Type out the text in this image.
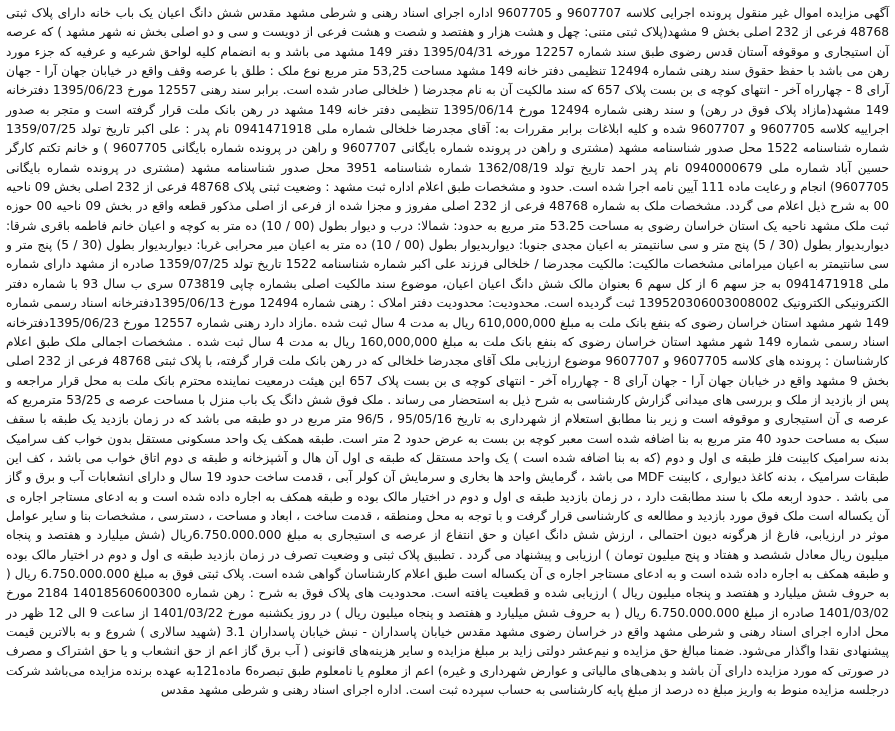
آگهی مزایده اموال غیر منقول پرونده اجرایی کلاسه 9607707 و 9607705 اداره اجرای اسناد رهنی و شرطی مشهد مقدس شش دانگ اعیان یک باب خانه دارای پلاک ثبتی 48768 فرعی از 232 اصلی بخش 9 مشهد(پلاک ثبتی متنی: چهل و هشت هزار و هفتصد و شصت و هشت فرعی از دویست و سی و دو اصلی بخش نه شهر مشهد ) که عرصه آن استیجاری و موقوفه آستان قدس رضوی طبق سند شماره 12257 مورخه 1395/04/31 دفتر 149 مشهد می باشد و به انضمام کلیه لواحق شرعیه و عرفیه که جزء مورد رهن می باشد با حفظ حقوق سند رهنی شماره 12494 تنظیمی دفتر خانه 149 مشهد مساحت 53,25 متر مربع نوع ملک : طلق با عرصه وقف واقع در خیابان جهان آرا - جهان آرای 8 - چهارراه آخر - انتهای کوچه ی بن بست پلاک 657 که سند مالکیت آن به نام مجدرضا ( خلخالی صادر شده است. برابر سند رهنی 12557 مورخ 1395/06/23 دفترخانه 149 مشهد(مازاد پلاک فوق در رهن) و سند رهنی شماره 12494 مورخ 1395/06/14 تنظیمی دفتر خانه 149 مشهد در رهن بانک ملت قرار گرفته است و متجر به صدور اجراییه کلاسه 9607705 و 9607707 شده و کلیه ابلاغات برابر مقررات به: آقای مجدرضا خلخالی شماره ملی 0941471918 نام پدر : علی اکبر تاریخ تولد 1359/07/25 شماره شناسنامه 1522 محل صدور شناسنامه مشهد (مشتری و راهن در پرونده شماره بایگانی 9607707 و راهن در پرونده شماره بایگانی 9607705 ) و خانم تکتم کارگر حسین آباد شماره ملی 0940000679 نام پدر احمد تاریخ تولد 1362/08/19 شماره شناسنامه 3951 محل صدور شناسنامه مشهد (مشتری در پرونده شماره بایگانی 9607705) انجام و رعایت ماده 111 آیین نامه اجرا شده است. حدود و مشخصات طبق اعلام اداره ثبت مشهد : وضعیت ثبتی پلاک 48768 فرعی از 232 اصلی بخش 09 ناحیه 00 به شرح ذیل اعلام می گردد. مشخصات ملک به شماره 48768 فرعی از 232 اصلی مفروز و مجزا شده از فرعی از اصلی مذکور قطعه واقع در بخش 09 ناحیه 00 حوزه ثبت ملک مشهد ناحیه یک استان خراسان رضوی به مساحت 53.25 متر مربع به حدود: شمالا: درب و دیوار بطول (00 / 10) ده متر به کوچه و اعیان خانم فاطمه باقری شرقا: دیواربدیوار بطول (30 / 5) پنج متر و سی سانتیمتر به اعیان مجدی جنوبا: دیواربدیوار بطول (00 / 10) ده متر به اعیان میر محرابی غربا: دیواربدیوار بطول (30 / 5) پنج متر و سی سانتیمتر به اعیان میرامانی مشخصات مالکیت: مالکیت مجدرضا / خلخالی فرزند علی اکبر شماره شناسنامه 1522 تاریخ تولد 1359/07/25 صادره از مشهد دارای شماره ملی 0941471918 به جز سهم 6 از کل سهم 6 بعنوان مالک شش دانگ اعیان اعیان، موضوع سند مالکیت اصلی بشماره چاپی 073819 سری ب سال 93 با شماره دفتر الکترونیکی الکترونیک 139520306003008002 ثبت گردیده است. محدودیت: محدودیت دفتر املاک : رهنی شماره 12494 مورخ 1395/06/13دفترخانه اسناد رسمی شماره 149 شهر مشهد استان خراسان رضوی که بنفع بانک ملت به مبلغ 610,000,000 ریال به مدت 4 سال ثبت شده .مازاد دارد رهنی شماره 12557 مورخ 1395/06/23دفترخانه اسناد رسمی شماره 149 شهر مشهد استان خراسان رضوی که بنفع بانک ملت به مبلغ 160,000,000 ریال به مدت 4 سال ثبت شده . مشخصات اجمالی ملک طبق اعلام کارشناسان : پرونده های کلاسه 9607705 و 9607707 موضوع ارزیابی ملک آقای مجدرضا خلخالی که در رهن بانک ملت قرار گرفته، با پلاک ثبتی 48768 فرعی از 232 اصلی بخش 9 مشهد واقع در خیابان جهان آرا - جهان آرای 8 - چهارراه آخر - انتهای کوچه ی بن بست پلاک 657 این هیئت درمعیت نماینده محترم بانک ملت به محل قرار مراجعه و پس از بازدید از ملک و بررسی های میدانی گزارش کارشناسی به شرح ذیل به استحضار می رساند . ملک فوق شش دانگ یک باب منزل با مساحت عرصه ی 53/25 مترمربع که عرصه ی آن استیجاری و موقوفه است و زیر بنا مطابق استعلام از شهرداری به تاریخ 95/05/16 ، 96/5 متر مربع در دو طبقه می باشد که در زمان بازدید یک طبقه با سقف سبک به مساحت حدود 40 متر مربع به بنا اضافه شده است معبر کوچه بن بست به عرض حدود 2 متر است. طبقه همکف یک واحد مسکونی مستقل بدون خواب کف سرامیک بدنه سرامیک کابینت فلز طبقه ی اول و دوم (که به بنا اضافه شده است ) یک واحد مستقل که طبقه ی اول آن هال و آشپزخانه و طبقه ی دوم اتاق خواب می باشد ، کف این طبقات سرامیک ، بدنه کاغذ دیواری ، کابینت MDF می باشد ، گرمایش واحد ها بخاری و سرمایش آن کولر آبی ، قدمت ساخت حدود 19 سال و دارای انشعابات آب و برق و گاز می باشد . حدود اربعه ملک با سند مطابقت دارد ، در زمان بازدید طبقه ی اول و دوم در اختیار مالک بوده و طبقه همکف به اجاره داده شده است و به ادعای مستاجر اجاره ی آن یکساله است ملک فوق مورد بازدید و مطالعه ی کارشناسی قرار گرفت و با توجه به محل ومنطقه ، قدمت ساخت ، ابعاد و مساحت ، دسترسی ، مشخصات بنا و سایر عوامل موثر در ارزیابی، فارغ از هرگونه دیون احتمالی ، ارزش شش دانگ اعیان و حق انتفاع از عرصه ی استیجاری به مبلغ 6.750.000.000ریال (شش میلیارد و هفتصد و پنجاه میلیون ریال معادل ششصد و هفتاد و پنج میلیون تومان ) ارزیابی و پیشنهاد می گردد . تطبیق پلاک ثبتی و وضعیت تصرف در زمان بازدید طبقه ی اول و دوم در اختیار مالک بوده و طبقه همکف به اجاره داده شده است و به ادعای مستاجر اجاره ی آن یکساله است طبق اعلام کارشناسان گواهی شده است. پلاک ثبتی فوق به مبلغ 6.750.000.000 ریال ( به حروف شش میلیارد و هفتصد و پنجاه میلیون ریال ) ارزیابی شده و قطعیت یافته است. محدودیت های پلاک فوق به شرح : رهن شماره 14018560600300 2184 مورخ 1401/03/02 صادره از مبلغ 6.750.000.000 ریال ( به حروف شش میلیارد و هفتصد و پنجاه میلیون ریال ) در روز یکشنبه مورخ 1401/03/22 از ساعت 9 الی 12 ظهر در محل اداره اجرای اسناد رهنی و شرطی مشهد واقع در خراسان رضوی مشهد مقدس خیابان پاسداران - نبش خیابان پاسداران 3.1 (شهید سالاری ) شروع و به بالاترین قیمت پیشنهادی نقدا واگذار می‌شود. ضمنا مبالغ حق مزایده و نیم‌عشر دولتی زاید بر مبلغ مزایده و سایر هزینه‌های قانونی ( آب برق گاز اعم از حق انشعاب و یا حق اشتراک و مصرف در صورتی که مورد مزایده دارای آن باشد و بدهی‌های مالیاتی و عوارض شهرداری و غیره) اعم از معلوم یا نامعلوم طبق تبصره6 ماده121به عهده برنده مزایده می‌باشد شرکت درجلسه مزایده منوط به واریز مبلغ ده درصد از مبلغ پایه کارشناسی به حساب سپرده ثبت است. اداره اجرای اسناد رهنی و شرطی مشهد مقدس
